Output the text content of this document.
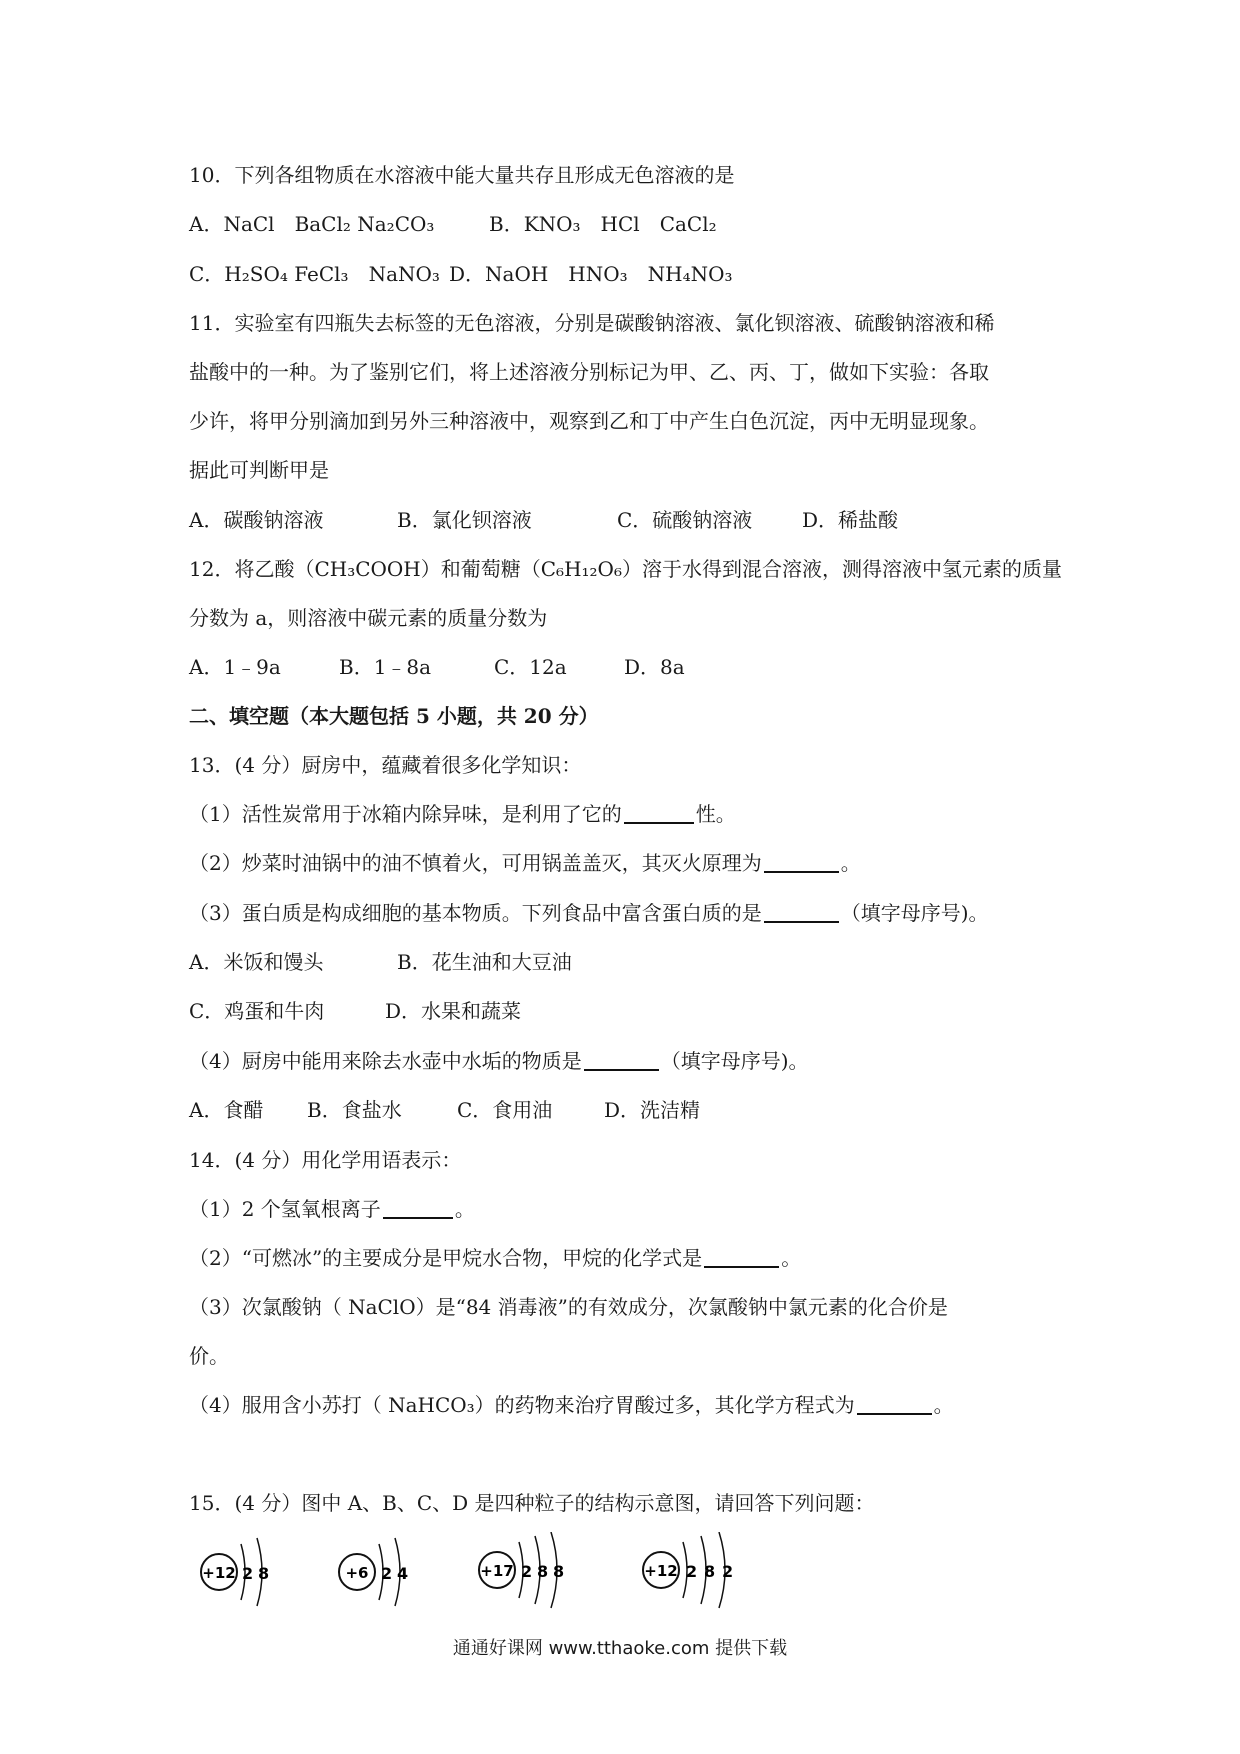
10．下列各组物质在水溶液中能大量共存且形成无色溶液的是
A．NaCl　BaCl₂ Na₂CO₃	B．KNO₃　HCl　CaCl₂
C．H₂SO₄ FeCl₃　NaNO₃ D．NaOH　HNO₃　NH₄NO₃
11．实验室有四瓶失去标签的无色溶液，分别是碳酸钠溶液、氯化钡溶液、硫酸钠溶液和稀
盐酸中的一种。为了鉴别它们，将上述溶液分别标记为甲、乙、丙、丁，做如下实验：各取
少许，将甲分别滴加到另外三种溶液中，观察到乙和丁中产生白色沉淀，丙中无明显现象。
据此可判断甲是
A．碳酸钠溶液	B．氯化钡溶液	C．硫酸钠溶液 D．稀盐酸
12．将乙酸（CH₃COOH）和葡萄糖（C₆H₁₂O₆）溶于水得到混合溶液，测得溶液中氢元素的质量
分数为 a，则溶液中碳元素的质量分数为
A．1﹣9a	B．1﹣8a	C．12a	D．8a
二、填空题（本大题包括 5 小题，共 20 分）
13．(4 分）厨房中，蕴藏着很多化学知识：
（1）活性炭常用于冰箱内除异味，是利用了它的	性。
（2）炒菜时油锅中的油不慎着火，可用锅盖盖灭，其灭火原理为	。
（3）蛋白质是构成细胞的基本物质。下列食品中富含蛋白质的是	（填字母序号)。
A．米饭和馒头	B．花生油和大豆油
C．鸡蛋和牛肉	D．水果和蔬菜
（4）厨房中能用来除去水壶中水垢的物质是	（填字母序号)。
A．食醋 B．食盐水	C．食用油	D．洗洁精
14．(4 分）用化学用语表示：
（1）2 个氢氧根离子	。
（2）“可燃冰”的主要成分是甲烷水合物，甲烷的化学式是	。
（3）次氯酸钠（ NaClO）是“84 消毒液”的有效成分，次氯酸钠中氯元素的化合价是
价。
（4）服用含小苏打（ NaHCO₃）的药物来治疗胃酸过多，其化学方程式为	。
15．(4 分）图中 A、B、C、D 是四种粒子的结构示意图，请回答下列问题：
+12 2 8	+6 2 4	+17 2 8 8	+12 2 8 2
通通好课网 www.tthaoke.com 提供下载
